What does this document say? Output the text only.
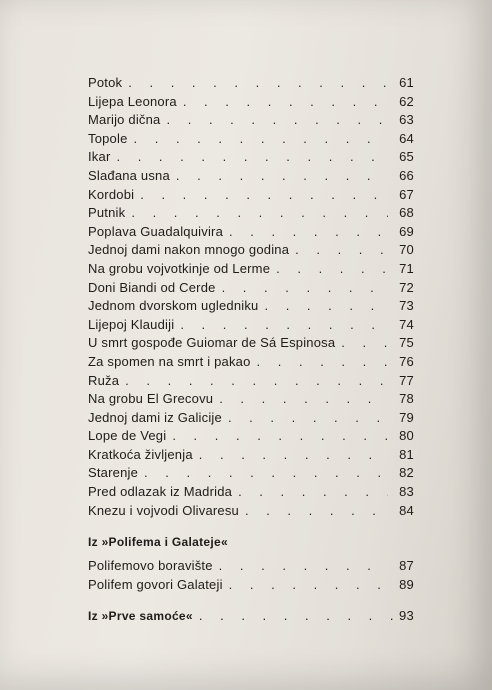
Potok . . .	61
Lijepa Leonora . . .	62
Marijo dična . . .	63
Topole . . .	64
Ikar . . .	65
Slađana usna . . .	66
Kordobi . . .	67
Putnik . . .	68
Poplava Guadalquivira . . .	69
Jednoj dami nakon mnogo godina . . .	70
Na grobu vojvotkinje od Lerme . . .	71
Doni Biandi od Cerde . . .	72
Jednom dvorskom ugledniku . . .	73
Lijepoj Klaudiji . . .	74
U smrt gospođe Guiomar de Sá Espinosa . . .	75
Za spomen na smrt i pakao . . .	76
Ruža . . .	77
Na grobu El Grecovu . . .	78
Jednoj dami iz Galicije . . .	79
Lope de Vegi . . .	80
Kratkoća življenja . . .	81
Starenje . . .	82
Pred odlazak iz Madrida . . .	83
Knezu i vojvodi Olivaresu . . .	84
Iz »Polifema i Galateje«
Polifemovo boravište . . .	87
Polifem govori Galateji . . .	89
Iz »Prve samoće« . . .	93
